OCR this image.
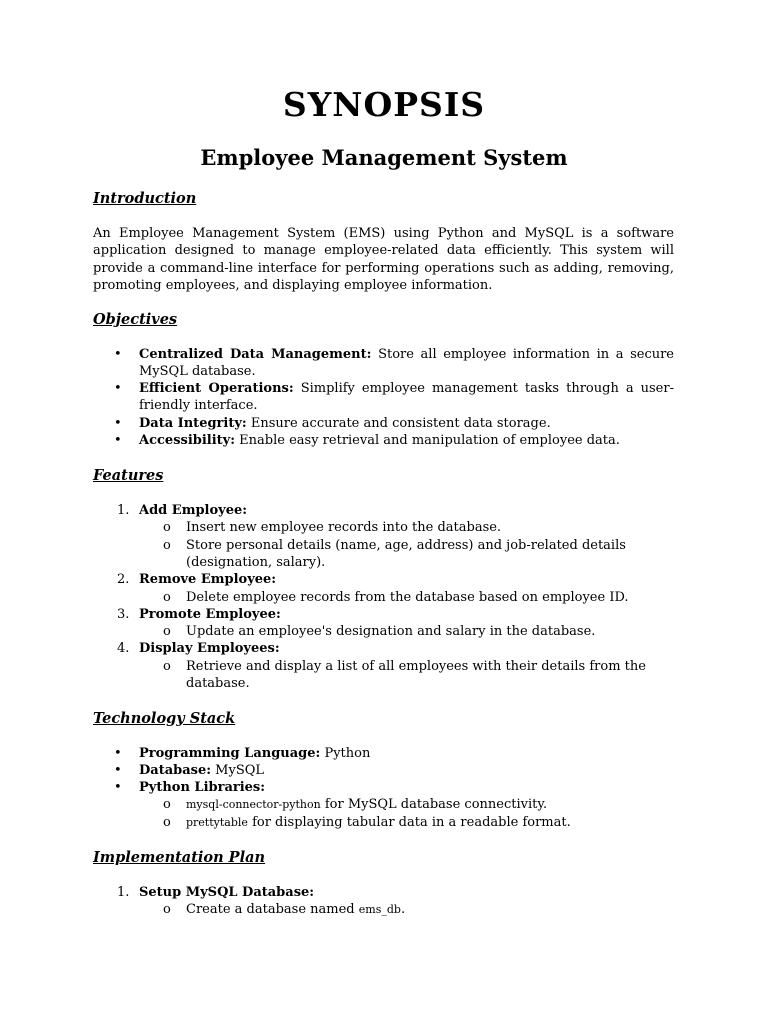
SYNOPSIS
Employee Management System
Introduction
An Employee Management System (EMS) using Python and MySQL is a software application designed to manage employee-related data efficiently. This system will provide a command-line interface for performing operations such as adding, removing, promoting employees, and displaying employee information.
Objectives
• Centralized Data Management: Store all employee information in a secure MySQL database.
• Efficient Operations: Simplify employee management tasks through a user-friendly interface.
• Data Integrity: Ensure accurate and consistent data storage.
• Accessibility: Enable easy retrieval and manipulation of employee data.
Features
1. Add Employee:
o Insert new employee records into the database.
o Store personal details (name, age, address) and job-related details (designation, salary).
2. Remove Employee:
o Delete employee records from the database based on employee ID.
3. Promote Employee:
o Update an employee's designation and salary in the database.
4. Display Employees:
o Retrieve and display a list of all employees with their details from the database.
Technology Stack
• Programming Language: Python
• Database: MySQL
• Python Libraries:
o mysql-connector-python for MySQL database connectivity.
o prettytable for displaying tabular data in a readable format.
Implementation Plan
1. Setup MySQL Database:
o Create a database named ems_db.
